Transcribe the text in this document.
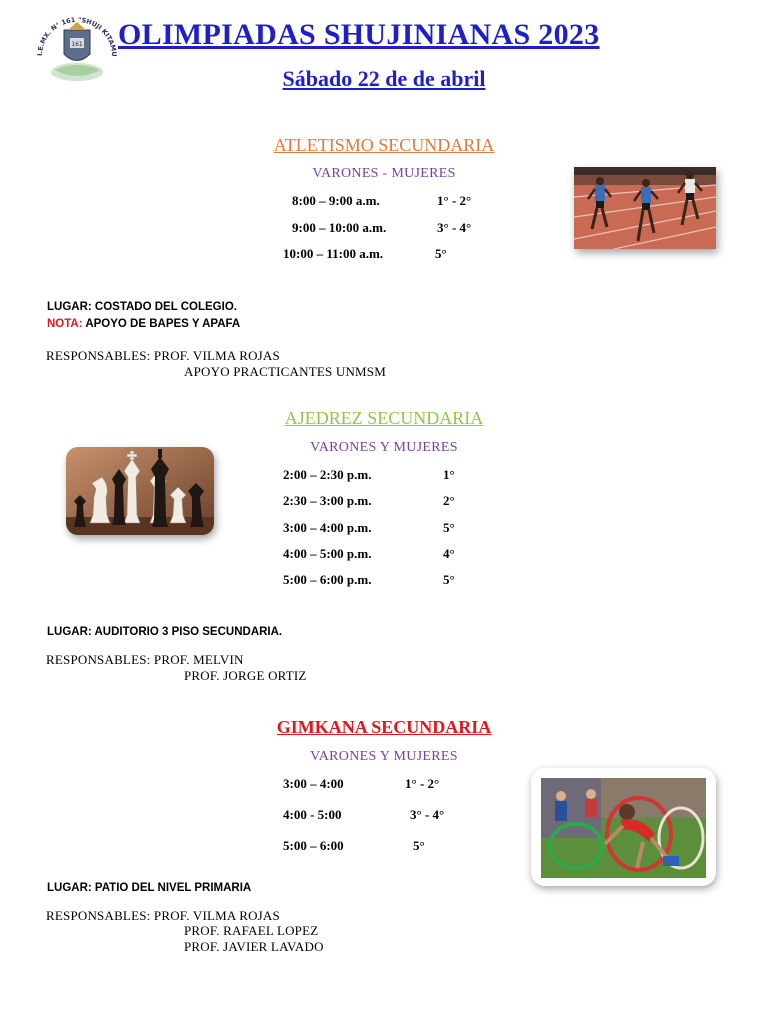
161
I.E.MX. N° 161 "SHUJI KITAMU
OLIMPIADAS SHUJINIANAS 2023
Sábado 22 de de abril
ATLETISMO SECUNDARIA
VARONES - MUJERES
8:00 – 9:00 a.m.	1° - 2°
9:00 – 10:00 a.m.	3° - 4°
10:00 – 11:00 a.m.	5°
LUGAR: COSTADO DEL COLEGIO.
NOTA: APOYO DE BAPES Y APAFA
RESPONSABLES: PROF. VILMA ROJAS
APOYO PRACTICANTES UNMSM
AJEDREZ SECUNDARIA
VARONES Y MUJERES
2:00 – 2:30 p.m.	1°
2:30 – 3:00 p.m.	2°
3:00 – 4:00 p.m.	5°
4:00 – 5:00 p.m.	4°
5:00 – 6:00 p.m.	5°
LUGAR: AUDITORIO 3 PISO SECUNDARIA.
RESPONSABLES: PROF. MELVIN
PROF. JORGE ORTIZ
GIMKANA SECUNDARIA
VARONES Y MUJERES
3:00 – 4:00	1° - 2°
4:00 - 5:00	3° - 4°
5:00 – 6:00	5°
LUGAR: PATIO DEL NIVEL PRIMARIA
RESPONSABLES: PROF. VILMA ROJAS
PROF. RAFAEL LOPEZ
PROF. JAVIER LAVADO
